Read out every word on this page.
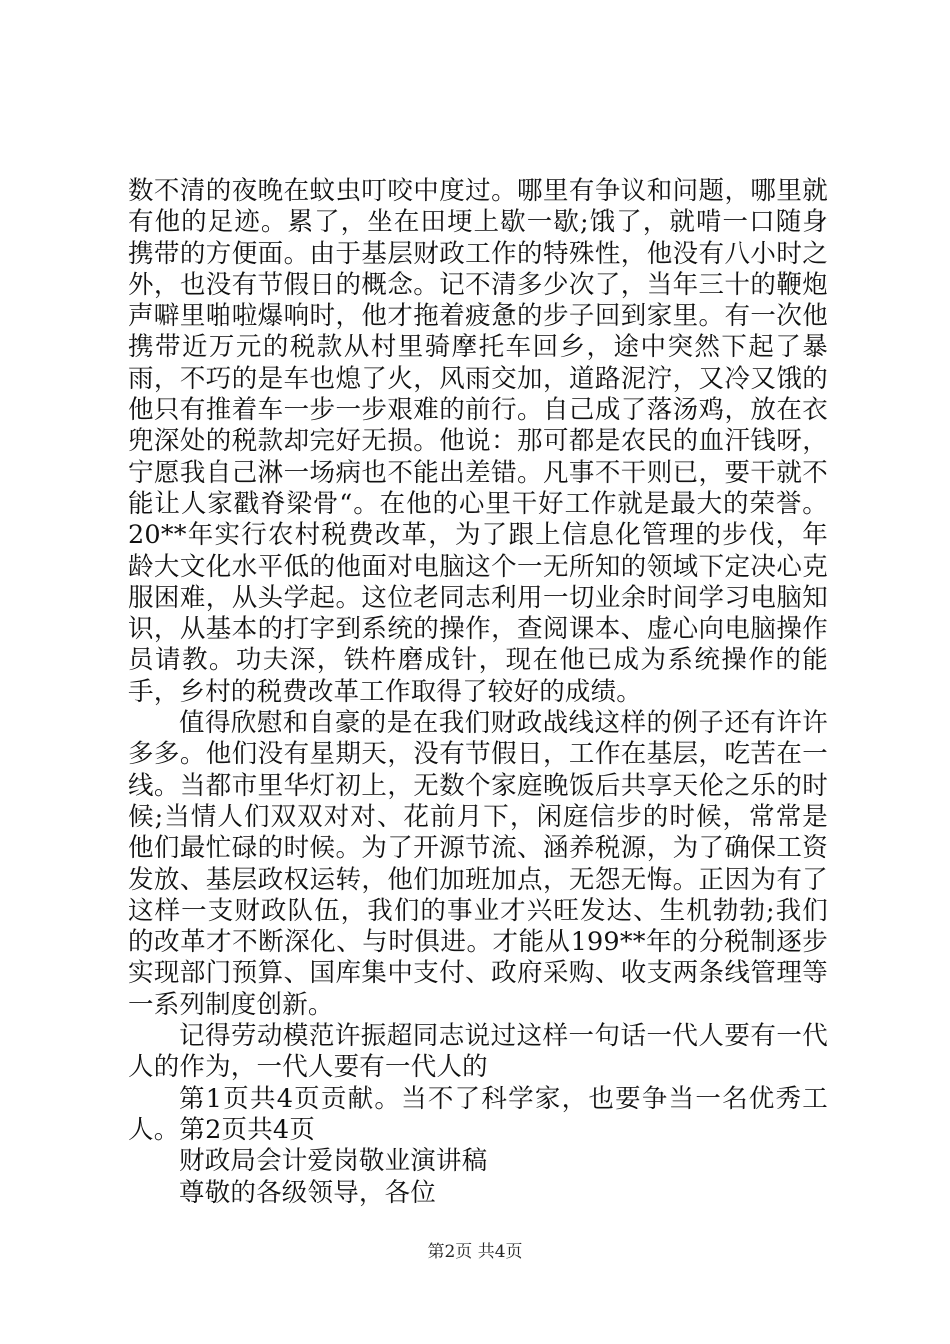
数不清的夜晚在蚊虫叮咬中度过。哪里有争议和问题，哪里就有他的足迹。累了，坐在田埂上歇一歇;饿了，就啃一口随身携带的方便面。由于基层财政工作的特殊性，他没有八小时之外，也没有节假日的概念。记不清多少次了，当年三十的鞭炮声噼里啪啦爆响时，他才拖着疲惫的步子回到家里。有一次他携带近万元的税款从村里骑摩托车回乡，途中突然下起了暴雨，不巧的是车也熄了火，风雨交加，道路泥泞，又冷又饿的他只有推着车一步一步艰难的前行。自己成了落汤鸡，放在衣兜深处的税款却完好无损。他说：那可都是农民的血汗钱呀，宁愿我自己淋一场病也不能出差错。凡事不干则已，要干就不能让人家戳脊梁骨“。在他的心里干好工作就是最大的荣誉。20**年实行农村税费改革，为了跟上信息化管理的步伐，年龄大文化水平低的他面对电脑这个一无所知的领域下定决心克服困难，从头学起。这位老同志利用一切业余时间学习电脑知识，从基本的打字到系统的操作，查阅课本、虚心向电脑操作员请教。功夫深，铁杵磨成针，现在他已成为系统操作的能手，乡村的税费改革工作取得了较好的成绩。

值得欣慰和自豪的是在我们财政战线这样的例子还有许许多多。他们没有星期天，没有节假日，工作在基层，吃苦在一线。当都市里华灯初上，无数个家庭晚饭后共享天伦之乐的时候;当情人们双双对对、花前月下，闲庭信步的时候，常常是他们最忙碌的时候。为了开源节流、涵养税源，为了确保工资发放、基层政权运转，他们加班加点，无怨无悔。正因为有了这样一支财政队伍，我们的事业才兴旺发达、生机勃勃;我们的改革才不断深化、与时俱进。才能从199**年的分税制逐步实现部门预算、国库集中支付、政府采购、收支两条线管理等一系列制度创新。

记得劳动模范许振超同志说过这样一句话一代人要有一代人的作为，一代人要有一代人的

第1页共4页贡献。当不了科学家，也要争当一名优秀工人。第2页共4页

财政局会计爱岗敬业演讲稿

尊敬的各级领导，各位

第2页 共4页
